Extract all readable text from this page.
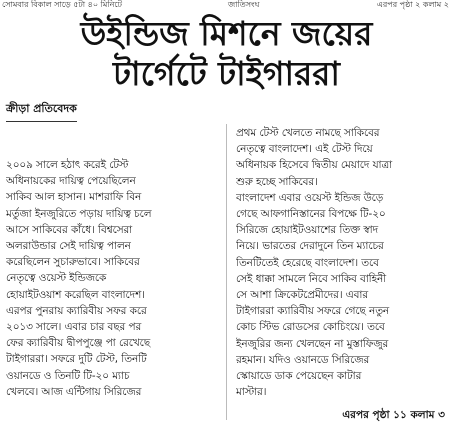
সোমবার বিকাল সাড়ে ৫টা ৪০ মিনিটে	জাতিসংঘ	এরপর পৃষ্ঠা ২ কলাম ২
উইন্ডিজ মিশনে জয়ের
টার্গেটে টাইগাররা
ক্রীড়া প্রতিবেদক
২০০৯ সালে হঠাৎ করেই টেস্ট
অধিনায়কের দায়িত্ব পেয়েছিলেন
সাকিব আল হাসান। মাশরাফি বিন
মর্তুজা ইনজুরিতে পড়ায় দায়িত্ব চলে
আসে সাকিবের কাঁধে। বিশ্বসেরা
অলরাউন্ডার সেই দায়িত্ব পালন
করেছিলেন সুচারুভাবে। সাকিবের
নেতৃত্বে ওয়েস্ট ইন্ডিজকে
হোয়াইটওয়াশ করেছিল বাংলাদেশ।
এরপর পুনরায় ক্যারিবীয় সফর করে
২০১৩ সালে। এবার চার বছর পর
ফের ক্যারিবীয় দ্বীপপুঞ্জে পা রেখেছে
টাইগাররা। সফরে দুটি টেস্ট, তিনটি
ওয়ানডে ও তিনটি টি-২০ ম্যাচ
খেলবে। আজ এন্টিগায় সিরিজের
প্রথম টেস্ট খেলতে নামছে সাকিবের
নেতৃত্বে বাংলাদেশ। এই টেস্ট দিয়ে
অধিনায়ক হিসেবে দ্বিতীয় মেয়াদে যাত্রা
শুরু হচ্ছে সাকিবের।
বাংলাদেশ এবার ওয়েস্ট ইন্ডিজ উড়ে
গেছে আফগানিস্তানের বিপক্ষে টি-২০
সিরিজে হোয়াইটওয়াশের তিক্ত স্বাদ
নিয়ে। ভারতের দেরাদুনে তিন ম্যাচের
তিনটিতেই হেরেছে বাংলাদেশ। তবে
সেই ধাক্কা সামলে নিবে সাকিব বাহিনী
সে আশা ক্রিকেটপ্রেমীদের। এবার
টাইগাররা ক্যারিবীয় সফরে গেছে নতুন
কোচ স্টিভ রোডসের কোচিংয়ে। তবে
ইনজুরির জন্য খেলছেন না মুস্তাফিজুর
রহমান। যদিও ওয়ানডে সিরিজের
স্কোয়াডে ডাক পেয়েছেন কাটার
মাস্টার।
এরপর পৃষ্ঠা ১১ কলাম ৩
